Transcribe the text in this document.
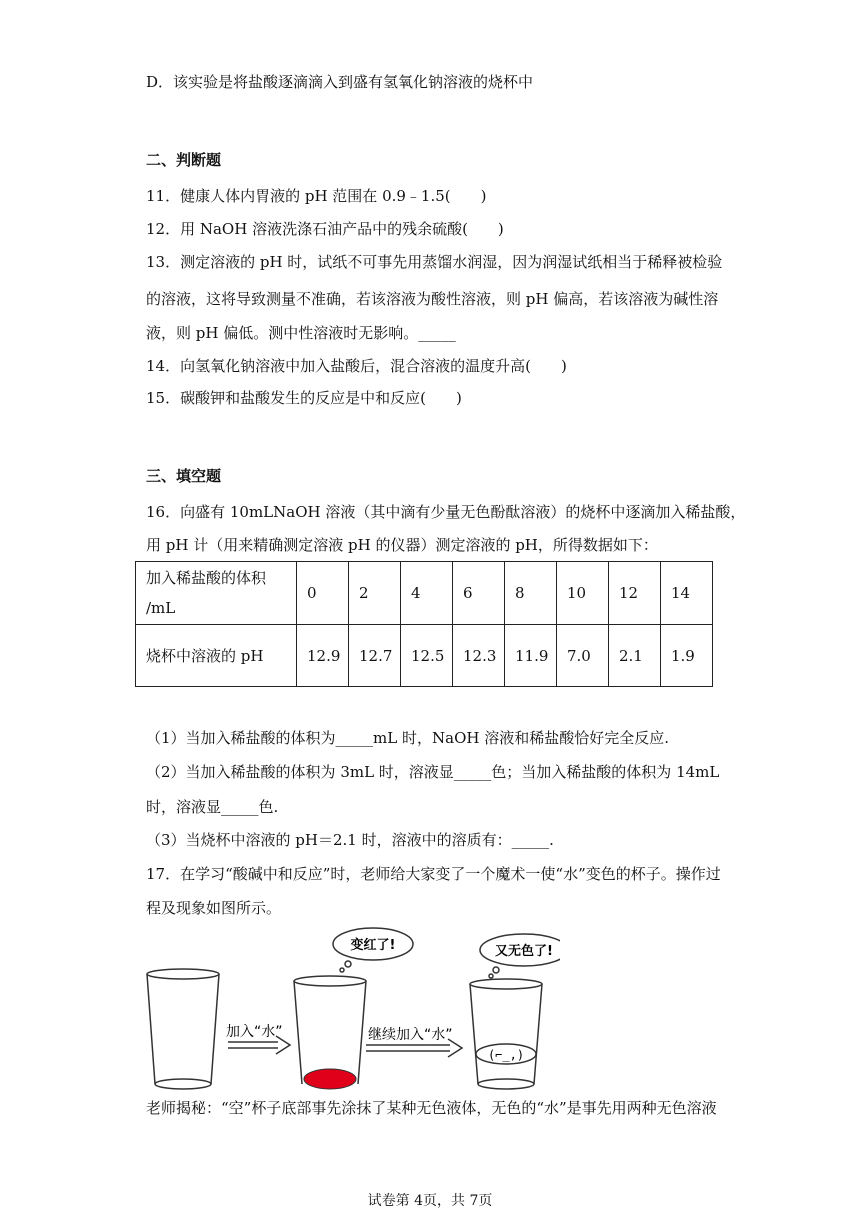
D．该实验是将盐酸逐滴滴入到盛有氢氧化钠溶液的烧杯中
二、判断题
11．健康人体内胃液的 pH 范围在 0.9﹣1.5(　　)
12．用 NaOH 溶液洗涤石油产品中的残余硫酸(　　)
13．测定溶液的 pH 时，试纸不可事先用蒸馏水润湿，因为润湿试纸相当于稀释被检验
的溶液，这将导致测量不准确，若该溶液为酸性溶液，则 pH 偏高，若该溶液为碱性溶
液，则 pH 偏低。测中性溶液时无影响。_____
14．向氢氧化钠溶液中加入盐酸后，混合溶液的温度升高(　　)
15．碳酸钾和盐酸发生的反应是中和反应(　　)
三、填空题
16．向盛有 10mLNaOH 溶液（其中滴有少量无色酚酞溶液）的烧杯中逐滴加入稀盐酸，
用 pH 计（用来精确测定溶液 pH 的仪器）测定溶液的 pH，所得数据如下：
加入稀盐酸的体积
/mL	0	2	4	6	8	10	12	14
烧杯中溶液的 pH	12.9	12.7	12.5	12.3	11.9	7.0	2.1	1.9
（1）当加入稀盐酸的体积为_____mL 时，NaOH 溶液和稀盐酸恰好完全反应.
（2）当加入稀盐酸的体积为 3mL 时，溶液显_____色；当加入稀盐酸的体积为 14mL
时，溶液显_____色.
（3）当烧杯中溶液的 pH＝2.1 时，溶液中的溶质有：_____.
17．在学习“酸碱中和反应”时，老师给大家变了一个魔术一使“水”变色的杯子。操作过
程及现象如图所示。
加入“水”
变红了!
继续加入“水”
又无色了!
(⌐_,)
老师揭秘：“空”杯子底部事先涂抹了某种无色液体，无色的“水”是事先用两种无色溶液
试卷第 4页，共 7页
